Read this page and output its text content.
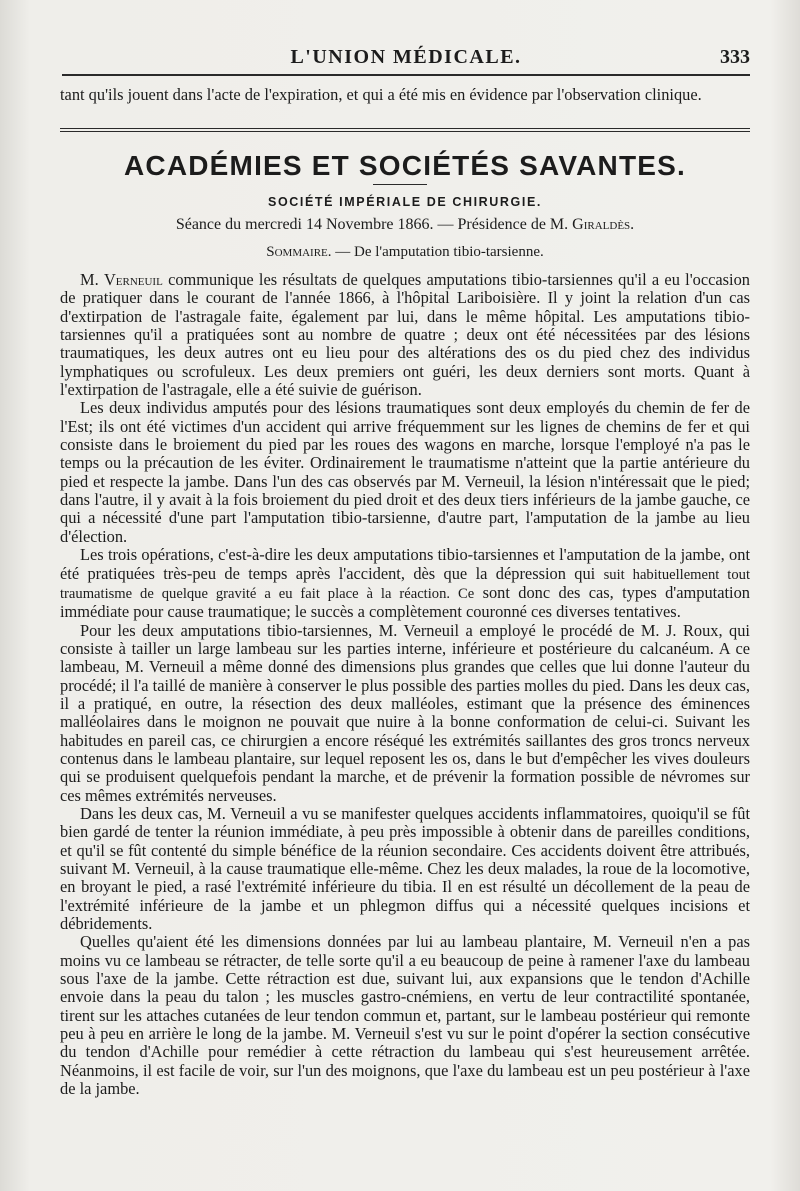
L'UNION MÉDICALE.	333
tant qu'ils jouent dans l'acte de l'expiration, et qui a été mis en évidence par l'observation clinique.
ACADÉMIES ET SOCIÉTÉS SAVANTES.
SOCIÉTÉ IMPÉRIALE DE CHIRURGIE.
Séance du mercredi 14 Novembre 1866. — Présidence de M. Giraldès.
Sommaire. — De l'amputation tibio-tarsienne.

M. Verneuil communique les résultats de quelques amputations tibio-tarsiennes qu'il a eu l'occasion de pratiquer dans le courant de l'année 1866, à l'hôpital Lariboisière. Il y joint la relation d'un cas d'extirpation de l'astragale faite, également par lui, dans le même hôpital. Les amputations tibio-tarsiennes qu'il a pratiquées sont au nombre de quatre ; deux ont été nécessitées par des lésions traumatiques, les deux autres ont eu lieu pour des altérations des os du pied chez des individus lymphatiques ou scrofuleux. Les deux premiers ont guéri, les deux derniers sont morts. Quant à l'extirpation de l'astragale, elle a été suivie de guérison.

Les deux individus amputés pour des lésions traumatiques sont deux employés du chemin de fer de l'Est; ils ont été victimes d'un accident qui arrive fréquemment sur les lignes de chemins de fer et qui consiste dans le broiement du pied par les roues des wagons en marche, lorsque l'employé n'a pas le temps ou la précaution de les éviter. Ordinairement le traumatisme n'atteint que la partie antérieure du pied et respecte la jambe. Dans l'un des cas observés par M. Verneuil, la lésion n'intéressait que le pied; dans l'autre, il y avait à la fois broiement du pied droit et des deux tiers inférieurs de la jambe gauche, ce qui a nécessité d'une part l'amputation tibio-tarsienne, d'autre part, l'amputation de la jambe au lieu d'élection.

Les trois opérations, c'est-à-dire les deux amputations tibio-tarsiennes et l'amputation de la jambe, ont été pratiquées très-peu de temps après l'accident, dès que la dépression qui suit habituellement tout traumatisme de quelque gravité a eu fait place à la réaction. Ce sont donc des cas, types d'amputation immédiate pour cause traumatique; le succès a complètement couronné ces diverses tentatives.

Pour les deux amputations tibio-tarsiennes, M. Verneuil a employé le procédé de M. J. Roux, qui consiste à tailler un large lambeau sur les parties interne, inférieure et postérieure du calcanéum. A ce lambeau, M. Verneuil a même donné des dimensions plus grandes que celles que lui donne l'auteur du procédé; il l'a taillé de manière à conserver le plus possible des parties molles du pied. Dans les deux cas, il a pratiqué, en outre, la résection des deux malléoles, estimant que la présence des éminences malléolaires dans le moignon ne pouvait que nuire à la bonne conformation de celui-ci. Suivant les habitudes en pareil cas, ce chirurgien a encore réséqué les extrémités saillantes des gros troncs nerveux contenus dans le lambeau plantaire, sur lequel reposent les os, dans le but d'empêcher les vives douleurs qui se produisent quelquefois pendant la marche, et de prévenir la formation possible de névromes sur ces mêmes extrémités nerveuses.

Dans les deux cas, M. Verneuil a vu se manifester quelques accidents inflammatoires, quoiqu'il se fût bien gardé de tenter la réunion immédiate, à peu près impossible à obtenir dans de pareilles conditions, et qu'il se fût contenté du simple bénéfice de la réunion secondaire. Ces accidents doivent être attribués, suivant M. Verneuil, à la cause traumatique elle-même. Chez les deux malades, la roue de la locomotive, en broyant le pied, a rasé l'extrémité inférieure du tibia. Il en est résulté un décollement de la peau de l'extrémité inférieure de la jambe et un phlegmon diffus qui a nécessité quelques incisions et débridements.

Quelles qu'aient été les dimensions données par lui au lambeau plantaire, M. Verneuil n'en a pas moins vu ce lambeau se rétracter, de telle sorte qu'il a eu beaucoup de peine à ramener l'axe du lambeau sous l'axe de la jambe. Cette rétraction est due, suivant lui, aux expansions que le tendon d'Achille envoie dans la peau du talon ; les muscles gastro-cnémiens, en vertu de leur contractilité spontanée, tirent sur les attaches cutanées de leur tendon commun et, partant, sur le lambeau postérieur qui remonte peu à peu en arrière le long de la jambe. M. Verneuil s'est vu sur le point d'opérer la section consécutive du tendon d'Achille pour remédier à cette rétraction du lambeau qui s'est heureusement arrêtée. Néanmoins, il est facile de voir, sur l'un des moignons, que l'axe du lambeau est un peu postérieur à l'axe de la jambe.
